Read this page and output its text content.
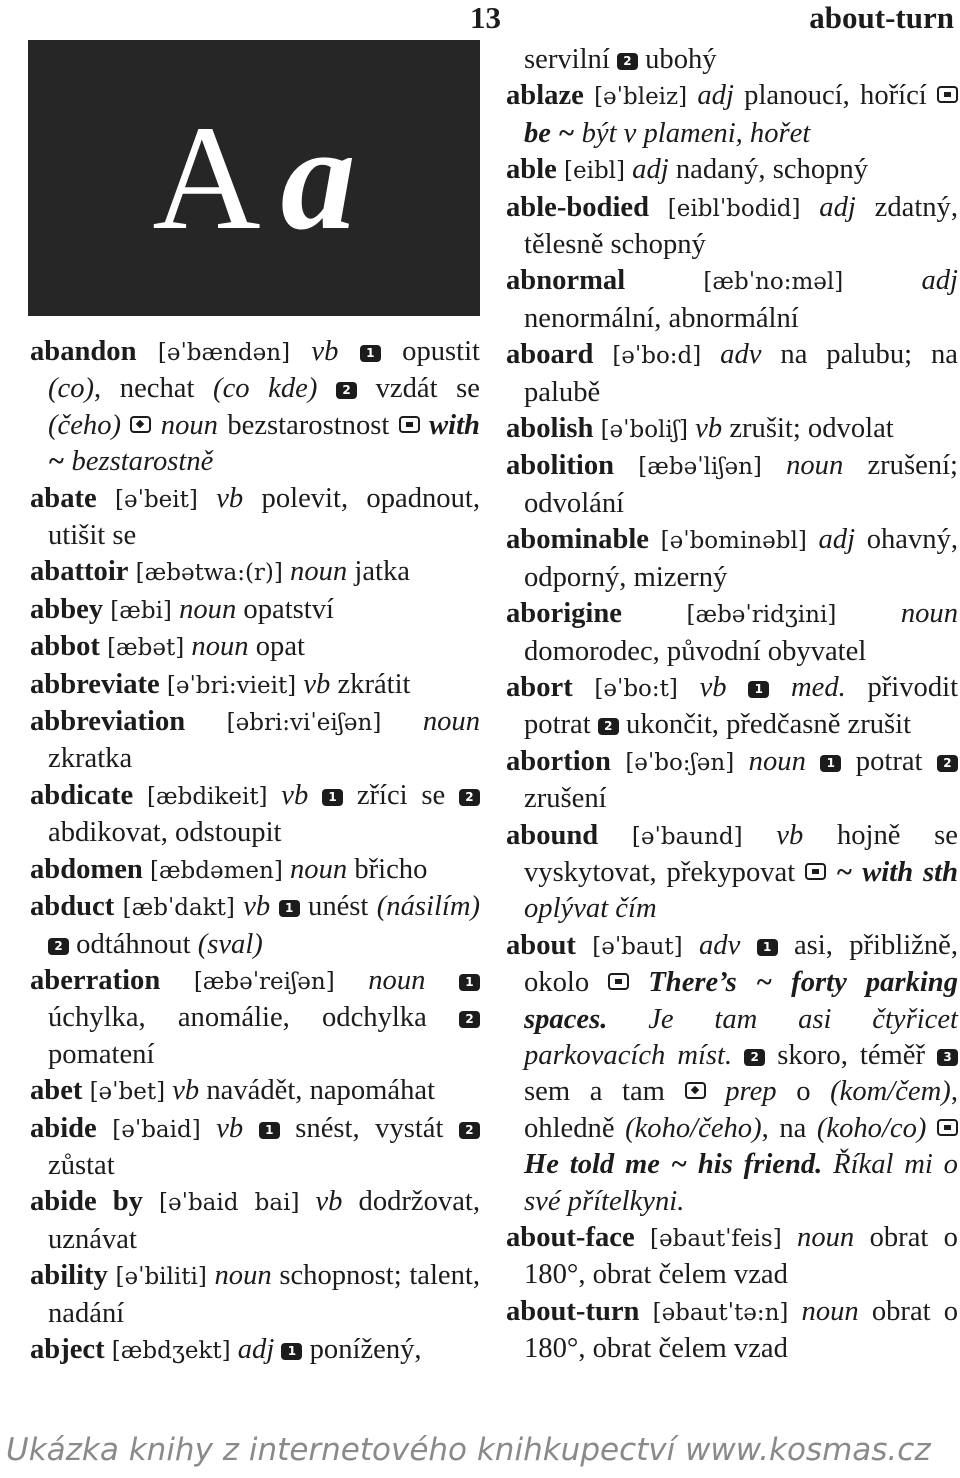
13	about-turn
A a
abandon [əˈbændən] vb 1 opustit (co), nechat (co kde) 2 vzdát se (čeho) noun bezstarostnost with ~ bezstarostně
abate [əˈbeit] vb polevit, opadnout, utišit se
abattoir [æbətwa:(r)] noun jatka
abbey [æbi] noun opatství
abbot [æbət] noun opat
abbreviate [əˈbri:vieit] vb zkrátit
abbreviation [əbri:viˈeiʃən] noun zkratka
abdicate [æbdikeit] vb 1 zříci se 2 abdikovat, odstoupit
abdomen [æbdəmen] noun břicho
abduct [æbˈdakt] vb 1 unést (násilím) 2 odtáhnout (sval)
aberration [æbəˈreiʃən] noun	1 úchylka, anomálie, odchylka	2 pomatení
abet [əˈbet] vb navádět, napomáhat
abide [əˈbaid] vb 1 snést, vystát 2 zůstat
abide by [əˈbaid bai] vb dodržovat, uznávat
ability [əˈbiliti] noun schopnost; talent, nadání
abject [æbdʒekt] adj 1 ponížený,
servilní 2 ubohý
ablaze [əˈbleiz] adj planoucí, hořící  be ~ být v plameni, hořet
able [eibl] adj nadaný, schopný
able-bodied [eiblˈbodid] adj zdatný, tělesně schopný
abnormal	[æbˈno:məl]	adj nenormální, abnormální
aboard [əˈbo:d] adv na palubu; na palubě
abolish [əˈboliʃ] vb zrušit; odvolat
abolition [æbəˈliʃən] noun zrušení; odvolání
abominable [əˈbominəbl] adj ohavný, odporný, mizerný
aborigine	[æbəˈridʒini] noun domorodec, původní obyvatel
abort [əˈbo:t] vb 1 med. přivodit potrat 2 ukončit, předčasně zrušit
abortion [əˈbo:ʃən] noun 1 potrat 2 zrušení
abound [əˈbaund] vb hojně se vyskytovat, překypovat ~ with sth oplývat čím
about [əˈbaut] adv 1 asi, přibližně, okolo There’s ~ forty parking spaces. Je tam asi čtyřicet parkovacích míst. 2 skoro, téměř 3 sem a tam prep o (kom/čem), ohledně (koho/čeho), na (koho/co)  He told me ~ his friend. Říkal mi o své přítelkyni.
about-face [əbautˈfeis] noun obrat o 180°, obrat čelem vzad
about-turn [əbautˈtə:n] noun obrat o 180°, obrat čelem vzad
Ukázka knihy z internetového knihkupectví www.kosmas.cz
